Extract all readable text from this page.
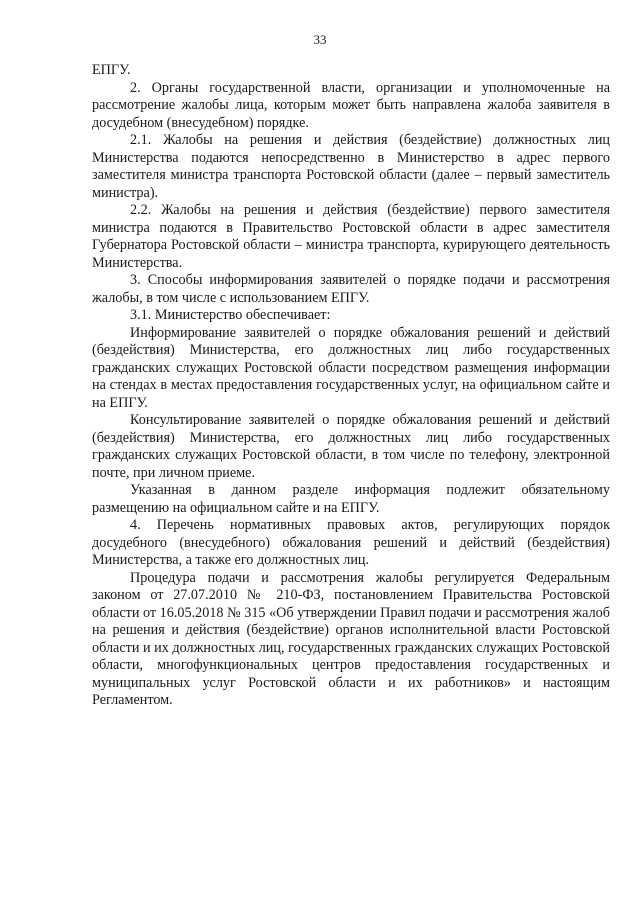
33

ЕПГУ.

2. Органы государственной власти, организации и уполномоченные на рассмотрение жалобы лица, которым может быть направлена жалоба заявителя в досудебном (внесудебном) порядке.

2.1. Жалобы на решения и действия (бездействие) должностных лиц Министерства подаются непосредственно в Министерство в адрес первого заместителя министра транспорта Ростовской области (далее – первый заместитель министра).

2.2. Жалобы на решения и действия (бездействие) первого заместителя министра подаются в Правительство Ростовской области в адрес заместителя Губернатора Ростовской области – министра транспорта, курирующего деятельность Министерства.

3. Способы информирования заявителей о порядке подачи и рассмотрения жалобы, в том числе с использованием ЕПГУ.

3.1. Министерство обеспечивает:

Информирование заявителей о порядке обжалования решений и действий (бездействия) Министерства, его должностных лиц либо государственных гражданских служащих Ростовской области посредством размещения информации на стендах в местах предоставления государственных услуг, на официальном сайте и на ЕПГУ.

Консультирование заявителей о порядке обжалования решений и действий (бездействия) Министерства, его должностных лиц либо государственных гражданских служащих Ростовской области, в том числе по телефону, электронной почте, при личном приеме.

Указанная в данном разделе информация подлежит обязательному размещению на официальном сайте и на ЕПГУ.

4. Перечень нормативных правовых актов, регулирующих порядок досудебного (внесудебного) обжалования решений и действий (бездействия) Министерства, а также его должностных лиц.

Процедура подачи и рассмотрения жалобы регулируется Федеральным законом от 27.07.2010 № 210-ФЗ, постановлением Правительства Ростовской области от 16.05.2018 № 315 «Об утверждении Правил подачи и рассмотрения жалоб на решения и действия (бездействие) органов исполнительной власти Ростовской области и их должностных лиц, государственных гражданских служащих Ростовской области, многофункциональных центров предоставления государственных и муниципальных услуг Ростовской области и их работников» и настоящим Регламентом.
